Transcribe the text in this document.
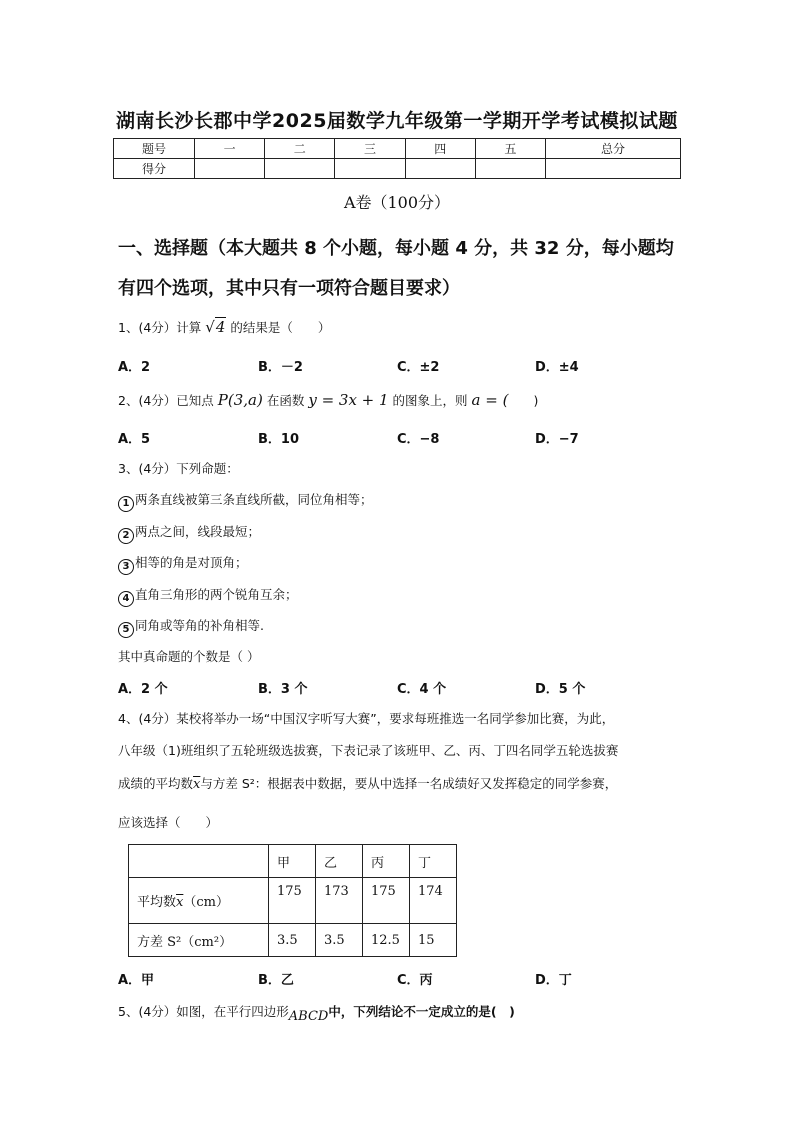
湖南长沙长郡中学2025届数学九年级第一学期开学考试模拟试题
题号	一	二	三	四	五	总分
得分						
A卷（100分）
一、选择题（本大题共 8 个小题，每小题 4 分，共 32 分，每小题均
有四个选项，其中只有一项符合题目要求）
1、(4分）计算 √4 的结果是（　　）
A．2	B．－2	C．±2	D．±4
2、(4分）已知点 P(3,a) 在函数 y = 3x + 1 的图象上，则 a = (　　)
A．5	B．10	C．−8	D．−7
3、(4分）下列命题：
1 两条直线被第三条直线所截，同位角相等；
2 两点之间，线段最短；
3 相等的角是对顶角；
4 直角三角形的两个锐角互余；
5 同角或等角的补角相等.
其中真命题的个数是（ ）
A．2 个	B．3 个	C．4 个	D．5 个
4、(4分）某校将举办一场“中国汉字听写大赛”，要求每班推选一名同学参加比赛，为此，
八年级（1)班组织了五轮班级选拔赛，下表记录了该班甲、乙、丙、丁四名同学五轮选拔赛
成绩的平均数$\overline{x}$与方差 S²：根据表中数据，要从中选择一名成绩好又发挥稳定的同学参赛，
应该选择（　　）
	甲	乙	丙	丁
平均数$\overline{x}(cm)$	175	173	175	174
方差 S²（cm²）	3.5	3.5	12.5	15
A．甲	B．乙	C．丙	D．丁
5、(4分）如图，在平行四边形ABCD中，下列结论不一定成立的是(　)
